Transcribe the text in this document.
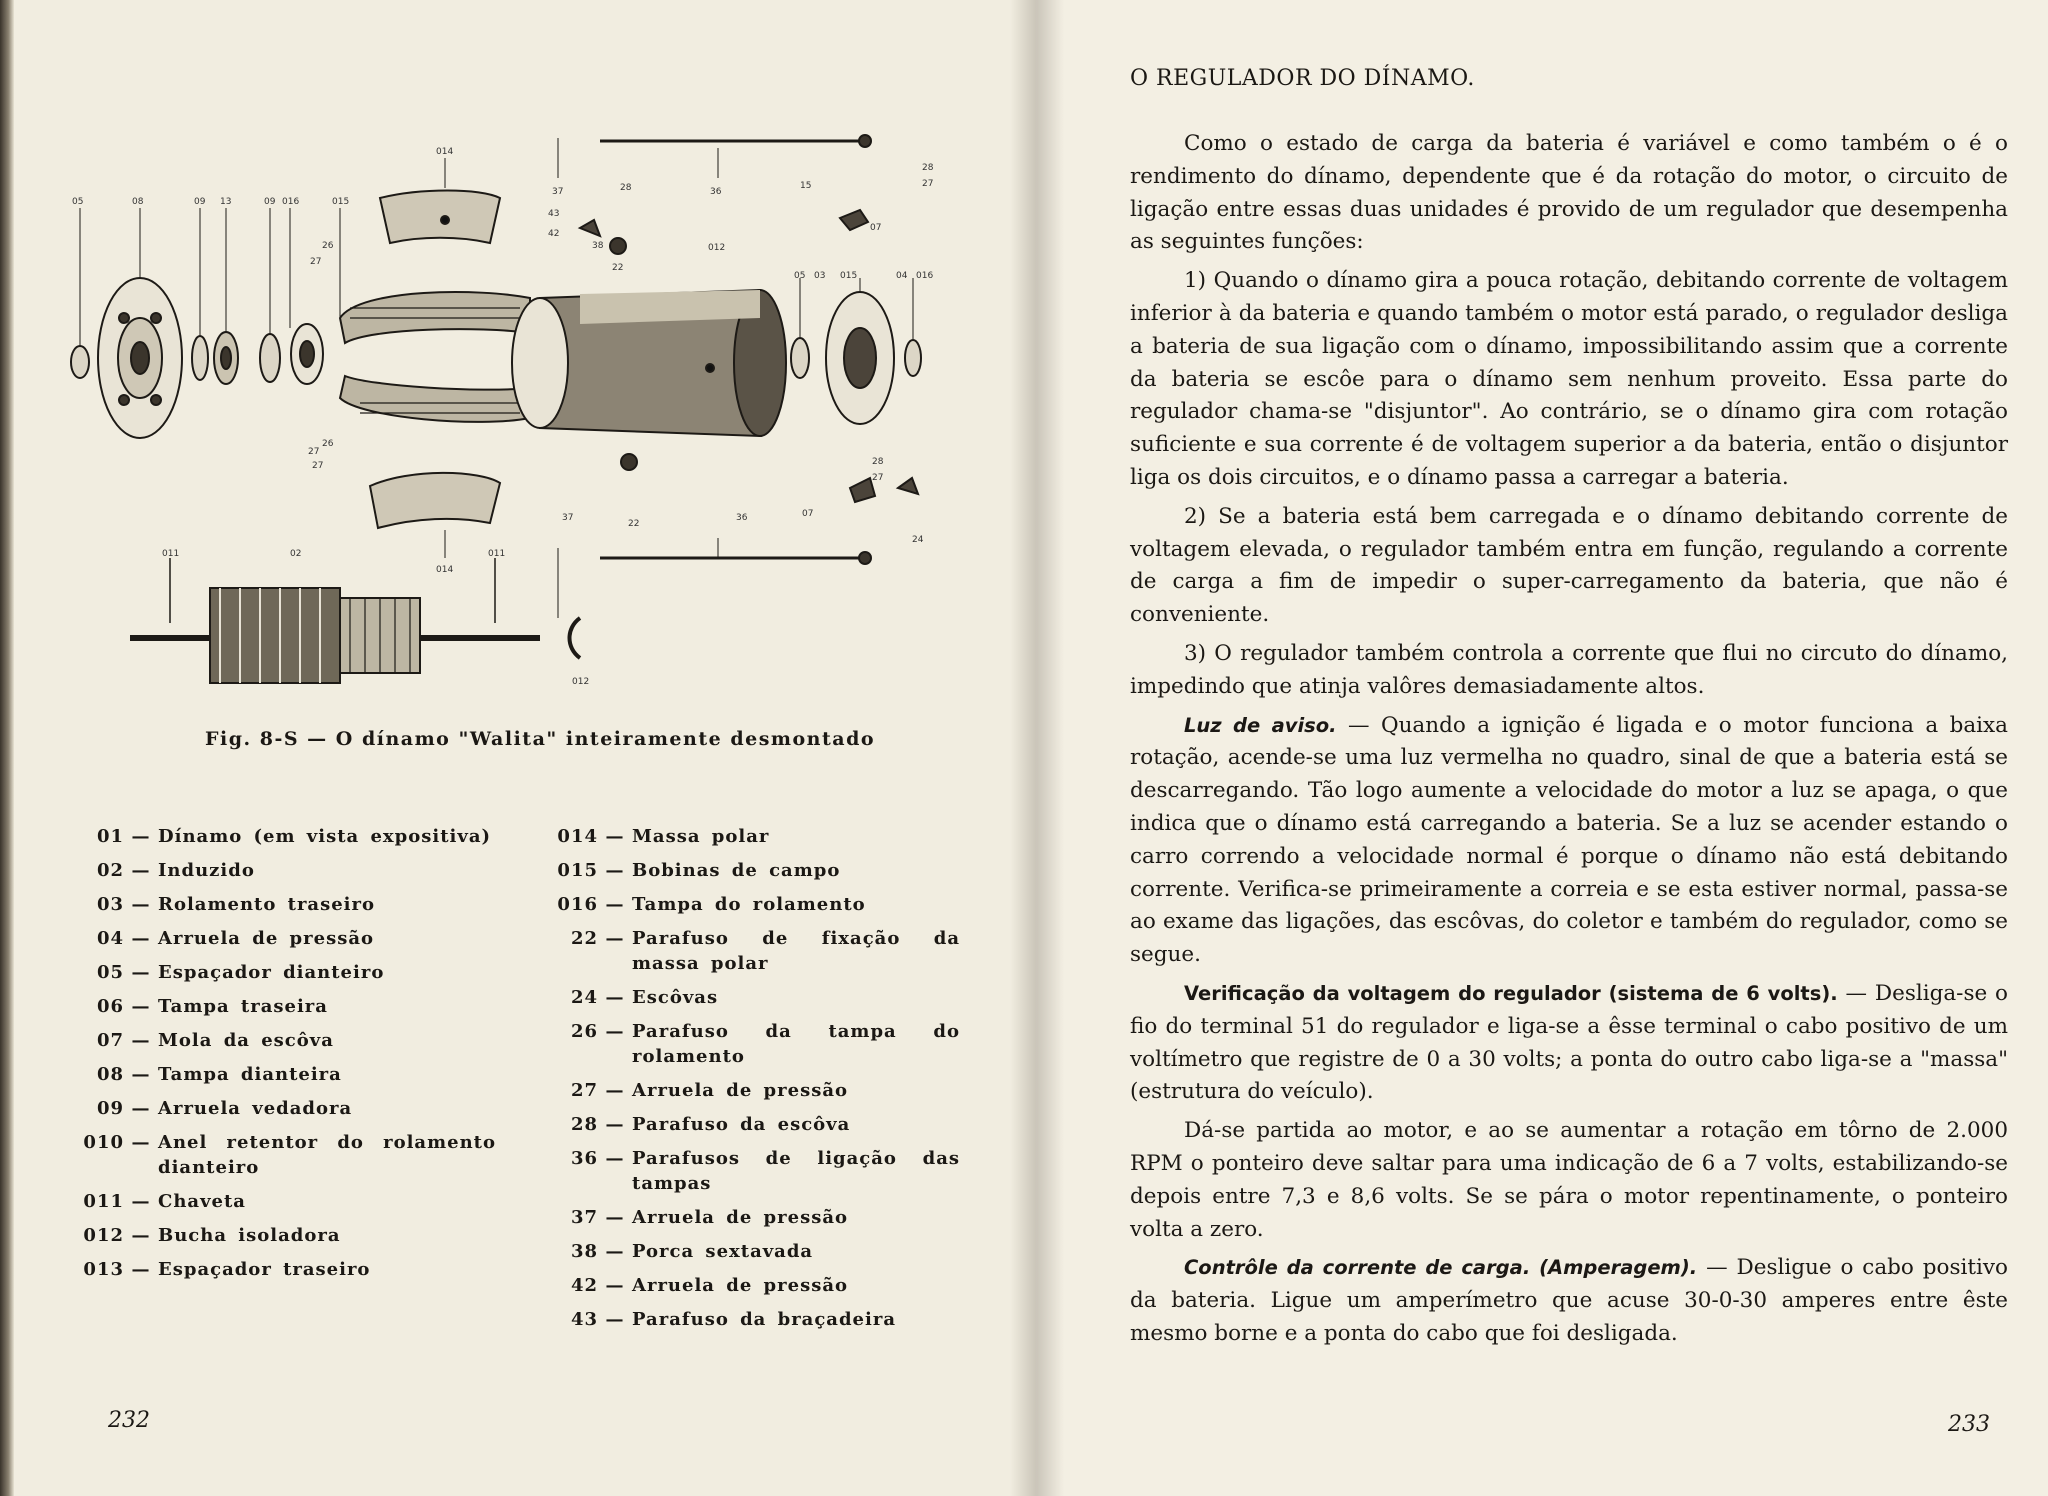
05	08	09 13	09 016	015
014
37
43
42
38
28	36
15
28
27
07
012
22
26
27
05 03	04 016
015
27
26
27
011	02
014
011
37
22
36	07
28
27
24
012
Fig. 8-S — O dínamo "Walita" inteiramente desmontado
01 — Dínamo (em vista expositiva)
02 — Induzido
03 — Rolamento traseiro
04 — Arruela de pressão
05 — Espaçador dianteiro
06 — Tampa traseira
07 — Mola da escôva
08 — Tampa dianteira
09 — Arruela vedadora
010 — Anel retentor do rolamento dianteiro
011 — Chaveta
012 — Bucha isoladora
013 — Espaçador traseiro
014 — Massa polar
015 — Bobinas de campo
016 — Tampa do rolamento
22 — Parafuso de fixação da massa polar
24 — Escôvas
26 — Parafuso da tampa do rolamento
27 — Arruela de pressão
28 — Parafuso da escôva
36 — Parafusos de ligação das tampas
37 — Arruela de pressão
38 — Porca sextavada
42 — Arruela de pressão
43 — Parafuso da braçadeira
232
O REGULADOR DO DÍNAMO.

Como o estado de carga da bateria é variável e como também o é o rendimento do dínamo, dependente que é da rotação do motor, o circuito de ligação entre essas duas unidades é provido de um regulador que desempenha as seguintes funções:

1) Quando o dínamo gira a pouca rotação, debitando corrente de voltagem inferior à da bateria e quando também o motor está parado, o regulador desliga a bateria de sua ligação com o dínamo, impossibilitando assim que a corrente da bateria se escôe para o dínamo sem nenhum proveito. Essa parte do regulador chama-se "disjuntor". Ao contrário, se o dínamo gira com rotação suficiente e sua corrente é de voltagem superior a da bateria, então o disjuntor liga os dois circuitos, e o dínamo passa a carregar a bateria.

2) Se a bateria está bem carregada e o dínamo debitando corrente de voltagem elevada, o regulador também entra em função, regulando a corrente de carga a fim de impedir o super-carregamento da bateria, que não é conveniente.

3) O regulador também controla a corrente que flui no circuto do dínamo, impedindo que atinja valôres demasiadamente altos.

Luz de aviso. — Quando a ignição é ligada e o motor funciona a baixa rotação, acende-se uma luz vermelha no quadro, sinal de que a bateria está se descarregando. Tão logo aumente a velocidade do motor a luz se apaga, o que indica que o dínamo está carregando a bateria. Se a luz se acender estando o carro correndo a velocidade normal é porque o dínamo não está debitando corrente. Verifica-se primeiramente a correia e se esta estiver normal, passa-se ao exame das ligações, das escôvas, do coletor e também do regulador, como se segue.

Verificação da voltagem do regulador (sistema de 6 volts). — Desliga-se o fio do terminal 51 do regulador e liga-se a êsse terminal o cabo positivo de um voltímetro que registre de 0 a 30 volts; a ponta do outro cabo liga-se a "massa" (estrutura do veículo).

Dá-se partida ao motor, e ao se aumentar a rotação em tôrno de 2.000 RPM o ponteiro deve saltar para uma indicação de 6 a 7 volts, estabilizando-se depois entre 7,3 e 8,6 volts. Se se pára o motor repentinamente, o ponteiro volta a zero.

Contrôle da corrente de carga. (Amperagem). — Desligue o cabo positivo da bateria. Ligue um amperímetro que acuse 30-0-30 amperes entre êste mesmo borne e a ponta do cabo que foi desligada.

233
